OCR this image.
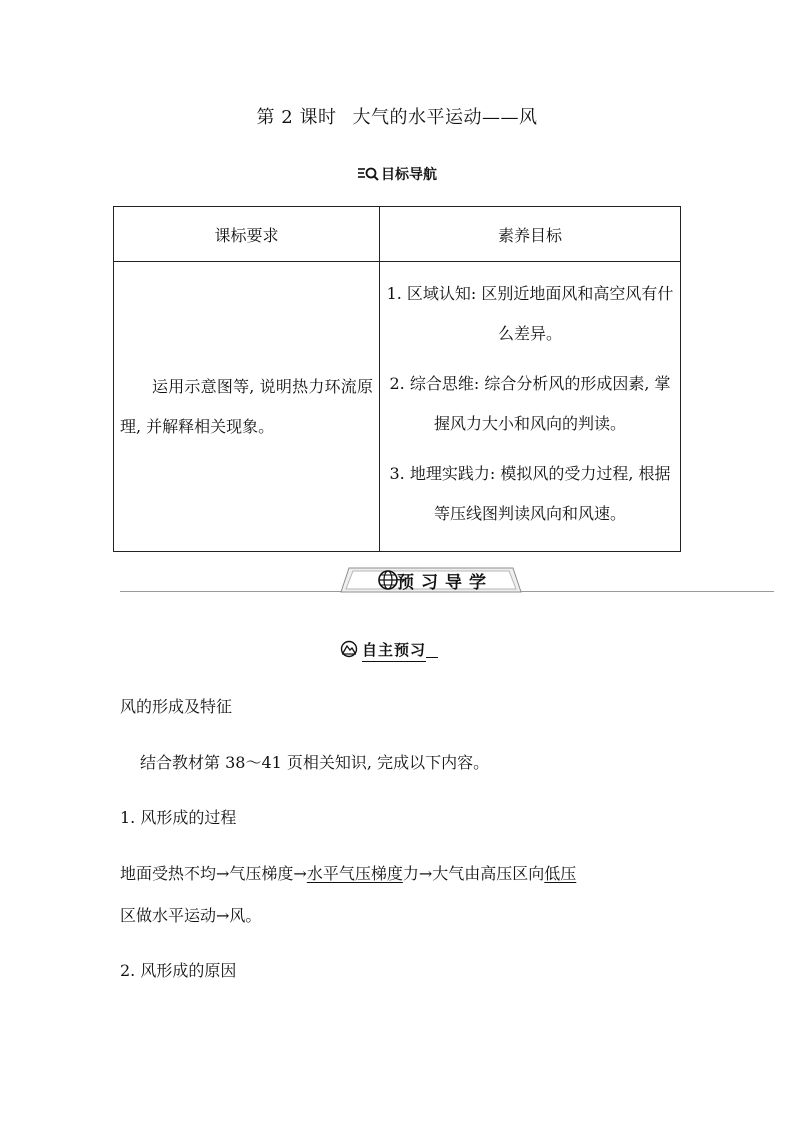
第 2 课时 大气的水平运动——风
目标导航
课标要求	素养目标

运用示意图等, 说明热力环流原理, 并解释相关现象。	1. 区域认知: 区别近地面风和高空风有什么差异。
2. 综合思维: 综合分析风的形成因素, 掌握风力大小和风向的判读。
3. 地理实践力: 模拟风的受力过程, 根据等压线图判读风向和风速。
预习导学
自主预习
风的形成及特征
结合教材第 38～41 页相关知识, 完成以下内容。
1. 风形成的过程
地面受热不均→气压梯度→水平气压梯度力→大气由高压区向低压
区做水平运动→风。
2. 风形成的原因
